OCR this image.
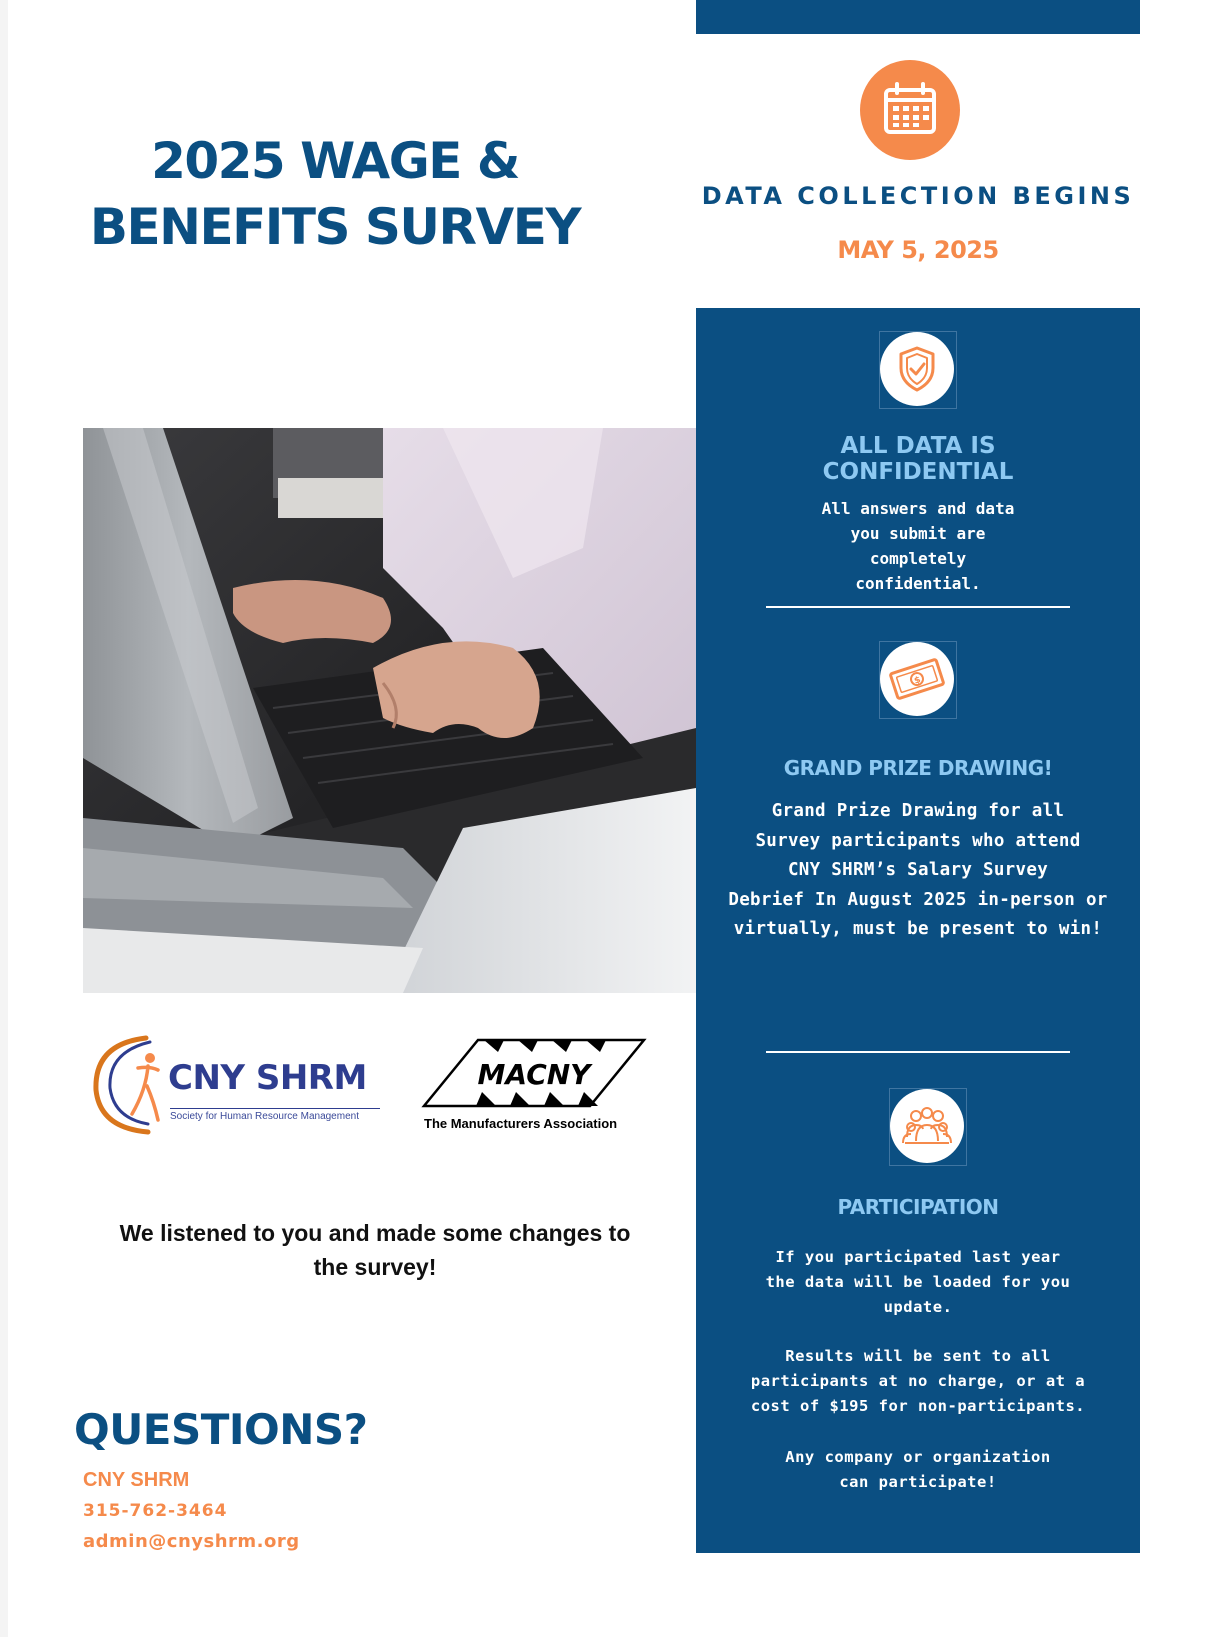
2025 WAGE &
BENEFITS SURVEY
DATA COLLECTION BEGINS
MAY 5, 2025
ALL DATA IS
CONFIDENTIAL
All answers and data
you submit are
completely
confidential.
$
GRAND PRIZE DRAWING!
Grand Prize Drawing for all
Survey participants who attend
CNY SHRM’s Salary Survey
Debrief In August 2025 in-person or
virtually, must be present to win!
PARTICIPATION
If you participated last year
the data will be loaded for you
update.
Results will be sent to all
participants at no charge, or at a
cost of $195 for non-participants.
Any company or organization
can participate!
CNY SHRM
Society for Human Resource Management
MACNY
The Manufacturers Association
We listened to you and made some changes to
the survey!
QUESTIONS?
CNY SHRM
315-762-3464
admin@cnyshrm.org
